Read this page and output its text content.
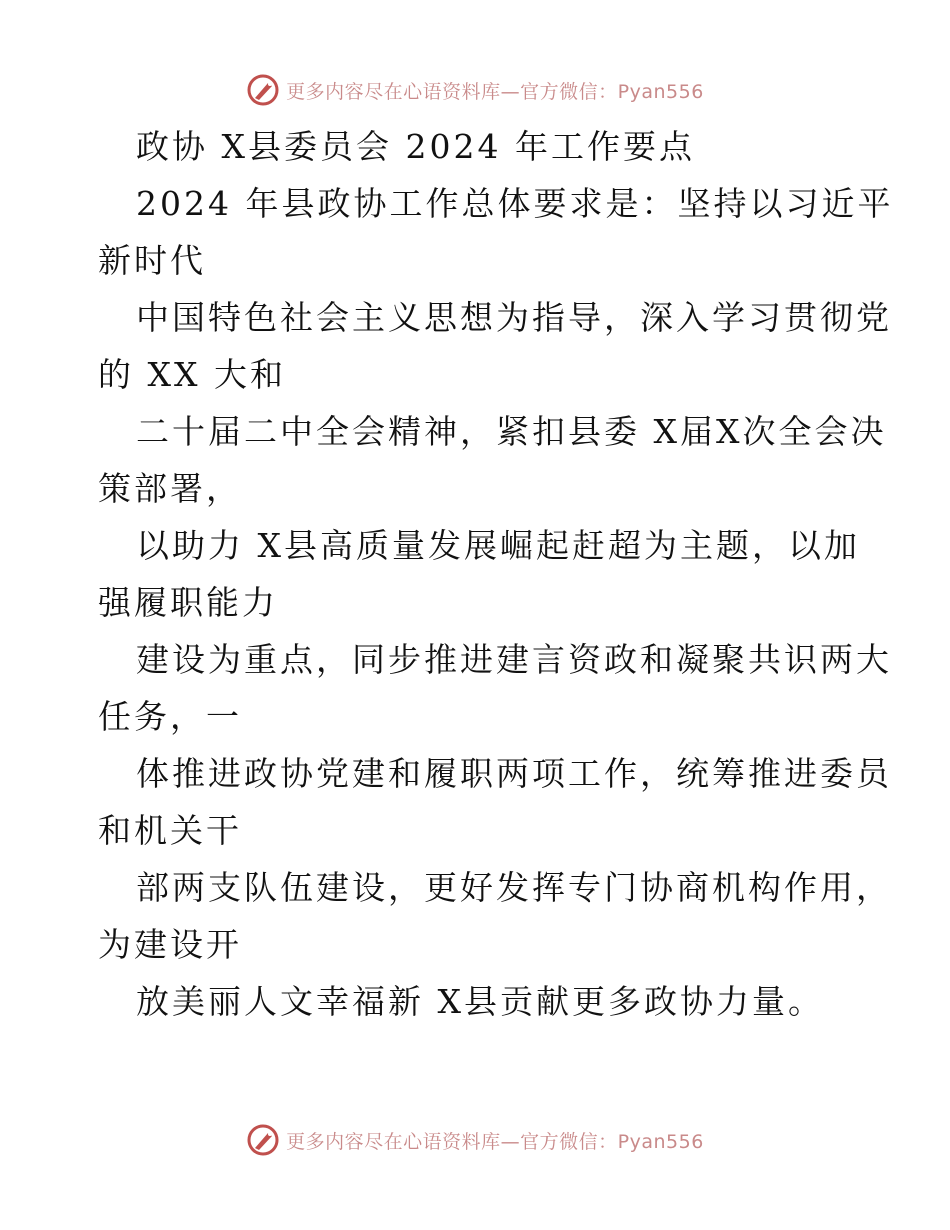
更多内容尽在心语资料库—官方微信：Pyan556
政协 X县委员会 2024 年工作要点
2024 年县政协工作总体要求是：坚持以习近平
新时代
中国特色社会主义思想为指导，深入学习贯彻党
的 XX 大和
二十届二中全会精神，紧扣县委 X届X次全会决
策部署，
以助力 X县高质量发展崛起赶超为主题，以加
强履职能力
建设为重点，同步推进建言资政和凝聚共识两大
任务，一
体推进政协党建和履职两项工作，统筹推进委员
和机关干
部两支队伍建设，更好发挥专门协商机构作用，
为建设开
放美丽人文幸福新 X县贡献更多政协力量。
更多内容尽在心语资料库—官方微信：Pyan556
